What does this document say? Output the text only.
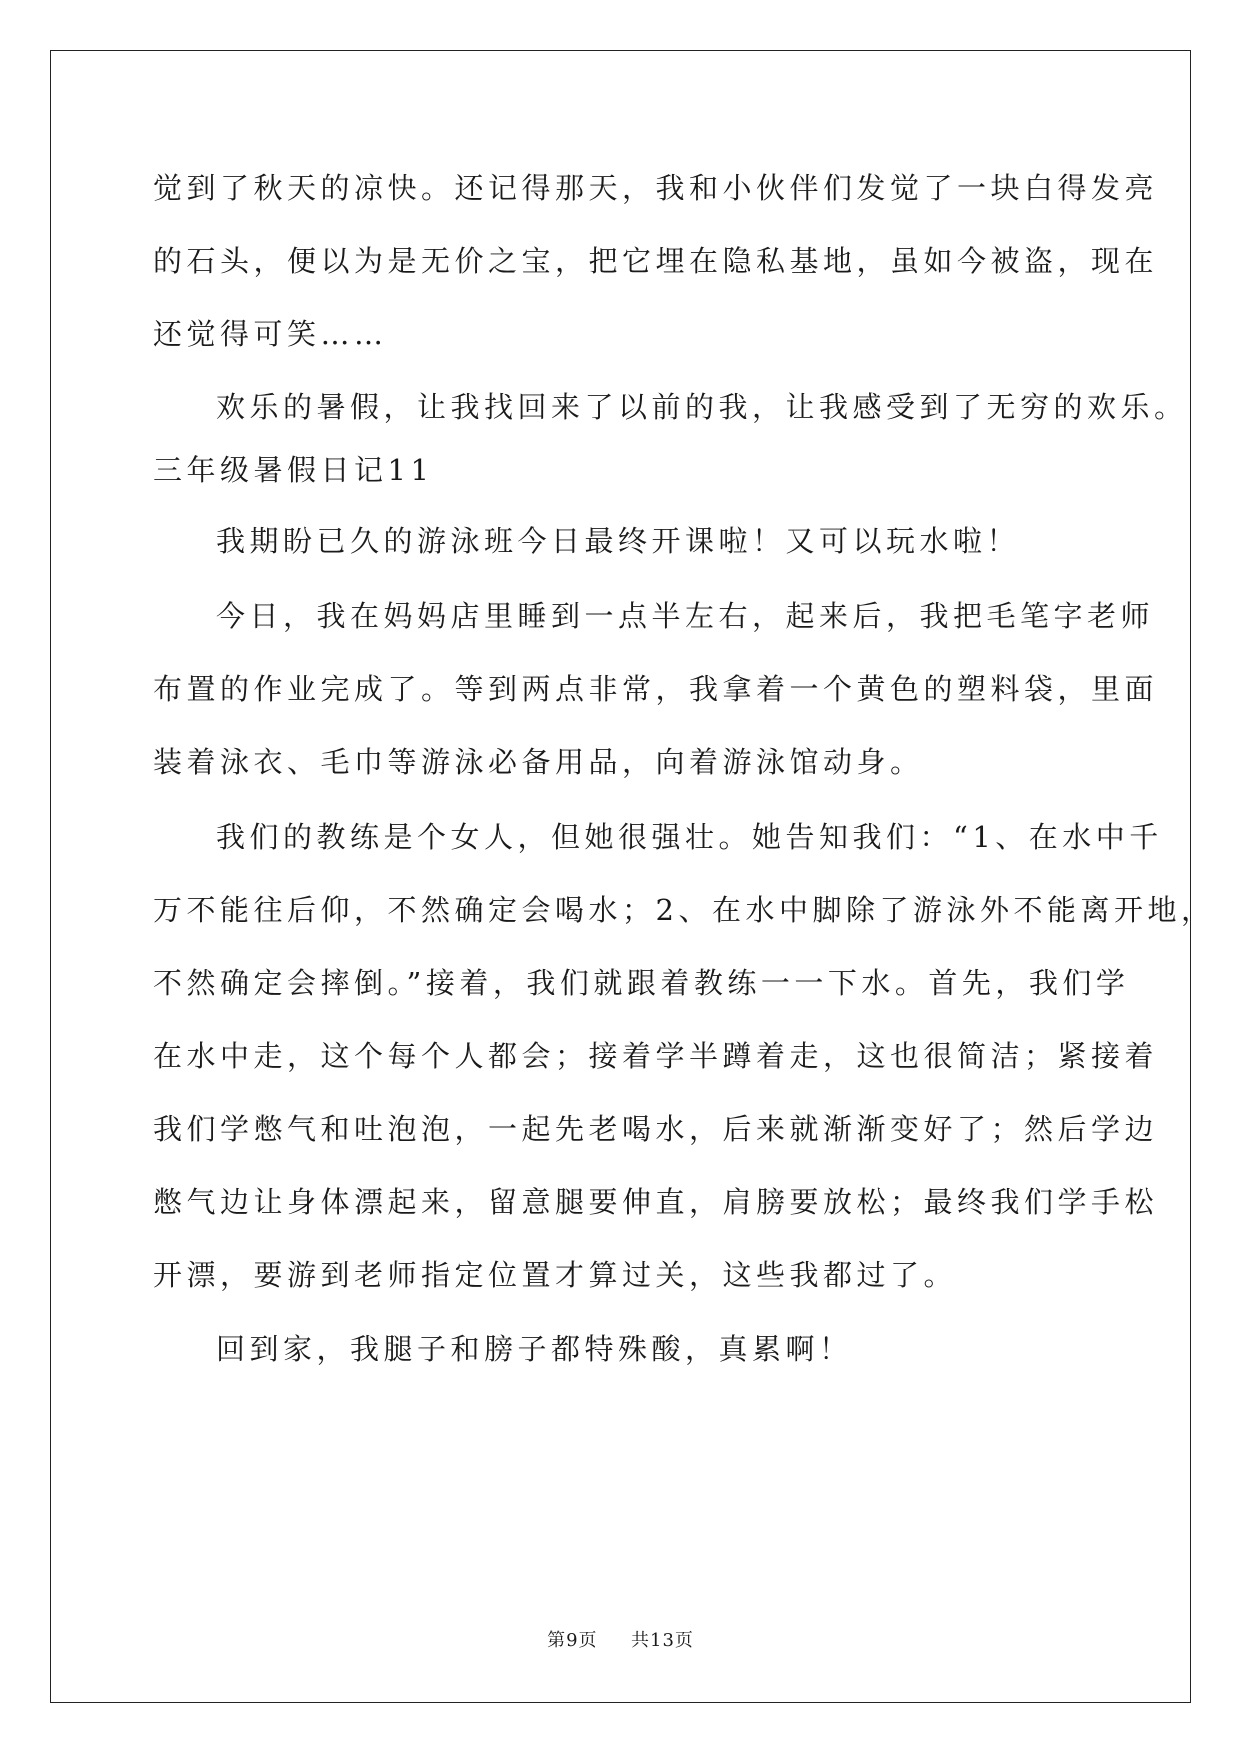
觉到了秋天的凉快。还记得那天，我和小伙伴们发觉了一块白得发亮
的石头，便以为是无价之宝，把它埋在隐私基地，虽如今被盗，现在
还觉得可笑……
欢乐的暑假，让我找回来了以前的我，让我感受到了无穷的欢乐。
三年级暑假日记11
我期盼已久的游泳班今日最终开课啦！又可以玩水啦！
今日，我在妈妈店里睡到一点半左右，起来后，我把毛笔字老师
布置的作业完成了。等到两点非常，我拿着一个黄色的塑料袋，里面
装着泳衣、毛巾等游泳必备用品，向着游泳馆动身。
我们的教练是个女人，但她很强壮。她告知我们：“1、在水中千
万不能往后仰，不然确定会喝水；2、在水中脚除了游泳外不能离开地，
不然确定会摔倒。”接着，我们就跟着教练一一下水。首先，我们学
在水中走，这个每个人都会；接着学半蹲着走，这也很简洁；紧接着
我们学憋气和吐泡泡，一起先老喝水，后来就渐渐变好了；然后学边
憋气边让身体漂起来，留意腿要伸直，肩膀要放松；最终我们学手松
开漂，要游到老师指定位置才算过关，这些我都过了。
回到家，我腿子和膀子都特殊酸，真累啊！
第9页 共13页
